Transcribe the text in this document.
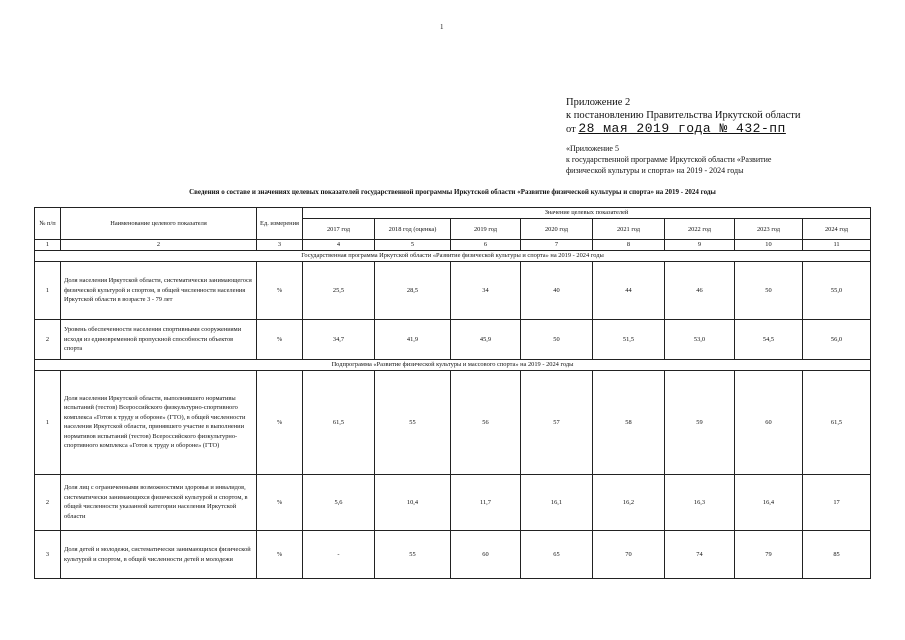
1
Приложение 2
к постановлению Правительства Иркутской области
от 28 мая 2019 года № 432-пп
«Приложение 5
к государственной программе Иркутской области «Развитие
физической культуры и спорта» на 2019 - 2024 годы
Сведения о составе и значениях целевых показателей государственной программы Иркутской области «Развитие физической культуры и спорта» на 2019 - 2024 годы
№ п/п	Наименование целевого показателя	Ед. измерения	Значение целевых показателей							
			2017 год	2018 год (оценка)	2019 год	2020 год	2021 год	2022 год	2023 год	2024 год
1	2	3	4	5	6	7	8	9	10	11
Государственная программа Иркутской области «Развитие физической культуры и спорта» на 2019 - 2024 годы										
1	Доля населения Иркутской области, систематически занимающегося физической культурой и спортом, в общей численности населения Иркутской области в возрасте 3 - 79 лет	%	25,5	28,5	34	40	44	46	50	55,0
2	Уровень обеспеченности населения спортивными сооружениями исходя из единовременной пропускной способности объектов спорта	%	34,7	41,9	45,9	50	51,5	53,0	54,5	56,0
Подпрограмма «Развитие физической культуры и массового спорта» на 2019 - 2024 годы										
1	Доля населения Иркутской области, выполнившего нормативы испытаний (тестов) Всероссийского физкультурно-спортивного комплекса «Готов к труду и обороне» (ГТО), в общей численности населения Иркутской области, принявшего участие в выполнении нормативов испытаний (тестов) Всероссийского физкультурно-спортивного комплекса «Готов к труду и обороне» (ГТО)	%	61,5	55	56	57	58	59	60	61,5
2	Доля лиц с ограниченными возможностями здоровья и инвалидов, систематически занимающихся физической культурой и спортом, в общей численности указанной категории населения Иркутской области	%	5,6	10,4	11,7	16,1	16,2	16,3	16,4	17
3	Доля детей и молодежи, систематически занимающихся физической культурой и спортом, в общей численности детей и молодежи	%	-	55	60	65	70	74	79	85
